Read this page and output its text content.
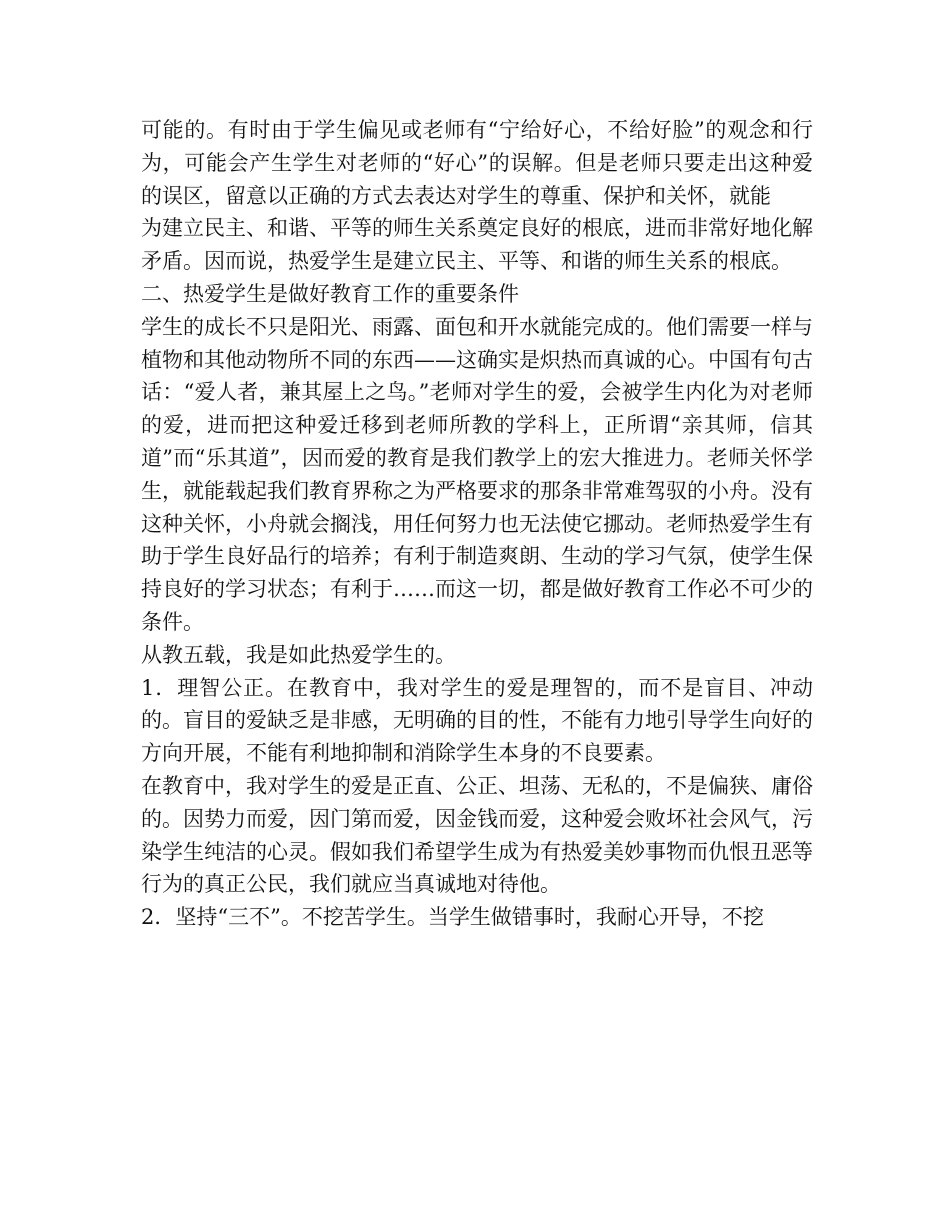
可能的。有时由于学生偏见或老师有“宁给好心，不给好脸”的观念和行为，可能会产生学生对老师的“好心”的误解。但是老师只要走出这种爱的误区，留意以正确的方式去表达对学生的尊重、保护和关怀，就能

为建立民主、和谐、平等的师生关系奠定良好的根底，进而非常好地化解矛盾。因而说，热爱学生是建立民主、平等、和谐的师生关系的根底。

二、热爱学生是做好教育工作的重要条件

学生的成长不只是阳光、雨露、面包和开水就能完成的。他们需要一样与植物和其他动物所不同的东西——这确实是炽热而真诚的心。中国有句古话：“爱人者，兼其屋上之鸟。”老师对学生的爱，会被学生内化为对老师的爱，进而把这种爱迁移到老师所教的学科上，正所谓“亲其师，信其道”而“乐其道”，因而爱的教育是我们教学上的宏大推进力。老师关怀学生，就能载起我们教育界称之为严格要求的那条非常难驾驭的小舟。没有这种关怀，小舟就会搁浅，用任何努力也无法使它挪动。老师热爱学生有助于学生良好品行的培养；有利于制造爽朗、生动的学习气氛，使学生保持良好的学习状态；有利于……而这一切，都是做好教育工作必不可少的条件。

从教五载，我是如此热爱学生的。

1．理智公正。在教育中，我对学生的爱是理智的，而不是盲目、冲动的。盲目的爱缺乏是非感，无明确的目的性，不能有力地引导学生向好的方向开展，不能有利地抑制和消除学生本身的不良要素。

在教育中，我对学生的爱是正直、公正、坦荡、无私的，不是偏狭、庸俗的。因势力而爱，因门第而爱，因金钱而爱，这种爱会败坏社会风气，污染学生纯洁的心灵。假如我们希望学生成为有热爱美妙事物而仇恨丑恶等行为的真正公民，我们就应当真诚地对待他。

2．坚持“三不”。不挖苦学生。当学生做错事时，我耐心开导，不挖
